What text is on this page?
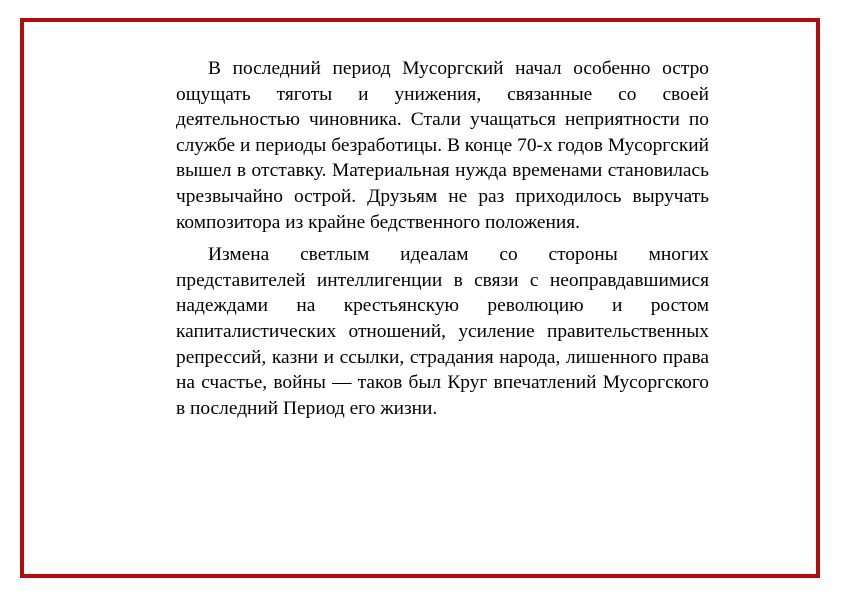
В последний период Мусоргский начал особенно остро ощущать тяготы и унижения, связанные со своей деятельностью чиновника. Стали учащаться неприятности по службе и периоды безработицы. В конце 70-х годов Мусоргский вышел в отставку. Материальная нужда временами становилась чрезвычайно острой. Друзьям не раз приходилось выручать композитора из крайне бедственного положения.

Измена светлым идеалам со стороны многих представителей интеллигенции в связи с неоправдавшимися надеждами на крестьянскую революцию и ростом капиталистических отношений, усиление правительственных репрессий, казни и ссылки, страдания народа, лишенного права на счастье, войны — таков был Круг впечатлений Мусоргского в последний Период его жизни.
